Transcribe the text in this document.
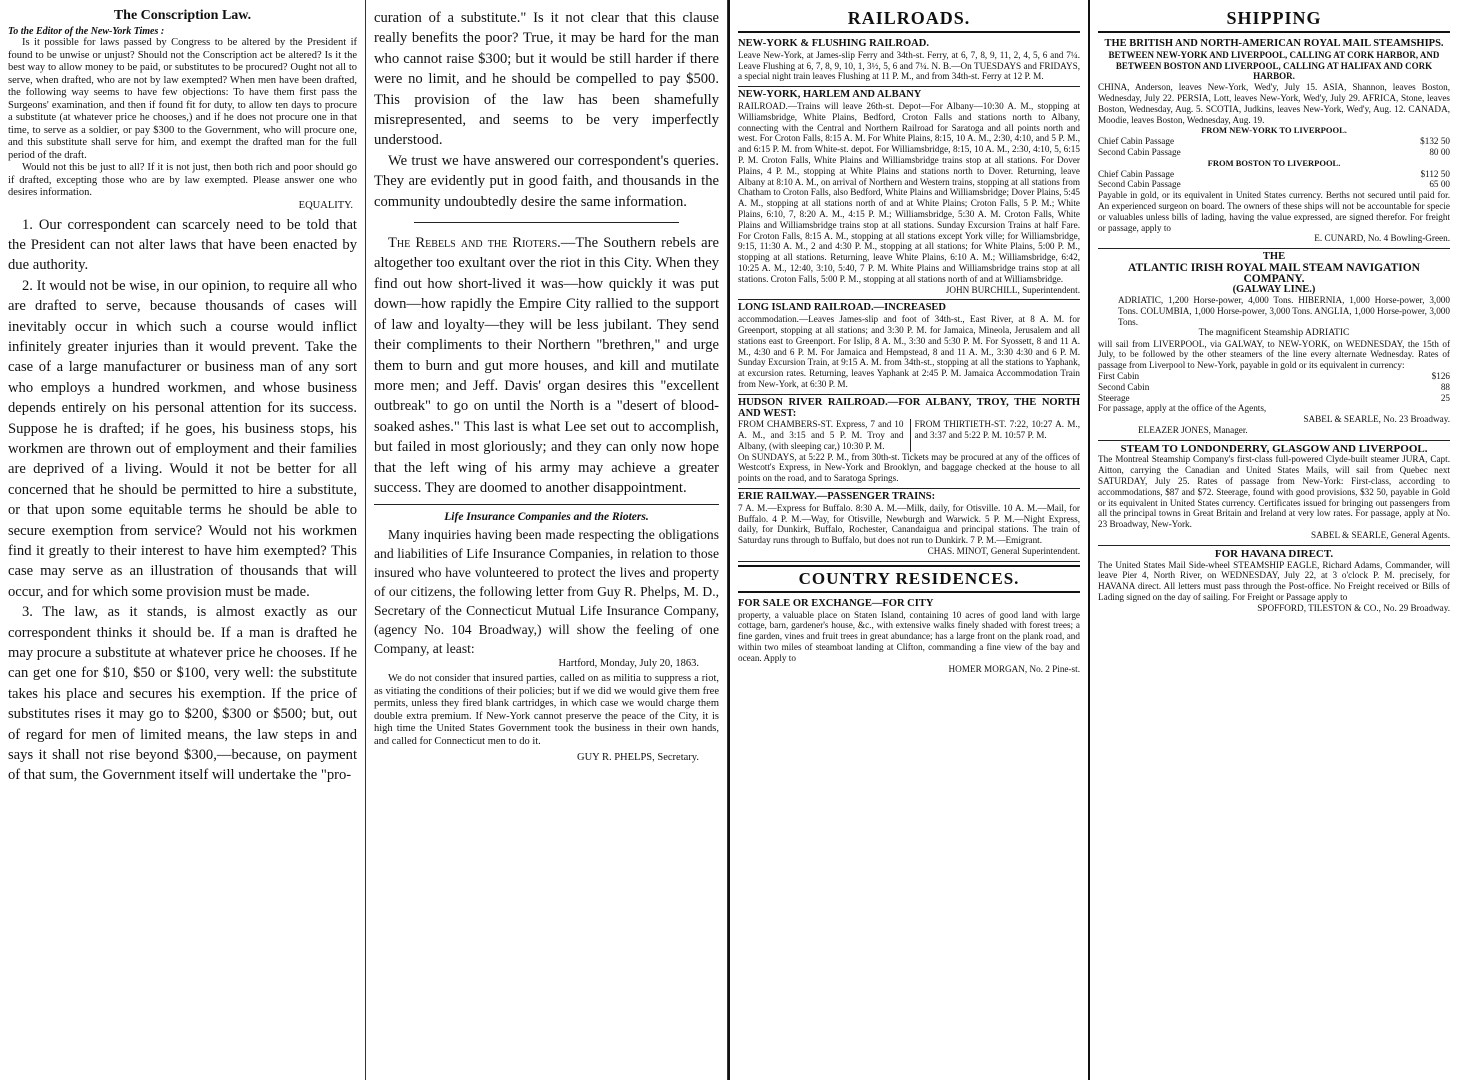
The Conscription Law.

To the Editor of the New-York Times :

Is it possible for laws passed by Congress to be altered by the President if found to be unwise or unjust? Should not the Conscription act be altered? Is it the best way to allow money to be paid, or substitutes to be procured? Ought not all to serve, when drafted, who are not by law exempted? When men have been drafted, the following way seems to have few objections: To have them first pass the Surgeons' examination, and then if found fit for duty, to allow ten days to procure a substitute (at whatever price he chooses,) and if he does not procure one in that time, to serve as a soldier, or pay $300 to the Government, who will procure one, and this substitute shall serve for him, and exempt the drafted man for the full period of the draft.

Would not this be just to all? If it is not just, then both rich and poor should go if drafted, excepting those who are by law exempted. Please answer one who desires information.

EQUALITY.

1. Our correspondent can scarcely need to be told that the President can not alter laws that have been enacted by due authority.

2. It would not be wise, in our opinion, to require all who are drafted to serve, because thousands of cases will inevitably occur in which such a course would inflict infinitely greater injuries than it would prevent. Take the case of a large manufacturer or business man of any sort who employs a hundred workmen, and whose business depends entirely on his personal attention for its success. Suppose he is drafted; if he goes, his business stops, his workmen are thrown out of employment and their families are deprived of a living. Would it not be better for all concerned that he should be permitted to hire a substitute, or that upon some equitable terms he should be able to secure exemption from service? Would not his workmen find it greatly to their interest to have him exempted? This case may serve as an illustration of thousands that will occur, and for which some provision must be made.

3. The law, as it stands, is almost exactly as our correspondent thinks it should be. If a man is drafted he may procure a substitute at whatever price he chooses. If he can get one for $10, $50 or $100, very well: the substitute takes his place and secures his exemption. If the price of substitutes rises it may go to $200, $300 or $500; but, out of regard for men of limited means, the law steps in and says it shall not rise beyond $300,—because, on payment of that sum, the Government itself will undertake the "pro-

curation of a substitute." Is it not clear that this clause really benefits the poor? True, it may be hard for the man who cannot raise $300; but it would be still harder if there were no limit, and he should be compelled to pay $500. This provision of the law has been shamefully misrepresented, and seems to be very imperfectly understood.

We trust we have answered our correspondent's queries. They are evidently put in good faith, and thousands in the community undoubtedly desire the same information.

The Rebels and the Rioters.—The Southern rebels are altogether too exultant over the riot in this City. When they find out how short-lived it was—how quickly it was put down—how rapidly the Empire City rallied to the support of law and loyalty—they will be less jubilant. They send their compliments to their Northern "brethren," and urge them to burn and gut more houses, and kill and mutilate more men; and Jeff. Davis' organ desires this "excellent outbreak" to go on until the North is a "desert of blood-soaked ashes." This last is what Lee set out to accomplish, but failed in most gloriously; and they can only now hope that the left wing of his army may achieve a greater success. They are doomed to another disappointment.

Life Insurance Companies and the Rioters.

Many inquiries having been made respecting the obligations and liabilities of Life Insurance Companies, in relation to those insured who have volunteered to protect the lives and property of our citizens, the following letter from Guy R. Phelps, M. D., Secretary of the Connecticut Mutual Life Insurance Company, (agency No. 104 Broadway,) will show the feeling of one Company, at least:

Hartford, Monday, July 20, 1863.

We do not consider that insured parties, called on as militia to suppress a riot, as vitiating the conditions of their policies; but if we did we would give them free permits, unless they fired blank cartridges, in which case we would charge them double extra premium. If New-York cannot preserve the peace of the City, it is high time the United States Government took the business in their own hands, and called for Connecticut men to do it.

GUY R. PHELPS, Secretary.

RAILROADS.

NEW-YORK & FLUSHING RAILROAD.

Leave New-York, at James-slip Ferry and 34th-st. Ferry, at 6, 7, 8, 9, 11, 2, 4, 5, 6 and 7¼. Leave Flushing at 6, 7, 8, 9, 10, 1, 3½, 5, 6 and 7¼. N. B.—On TUESDAYS and FRIDAYS, a special night train leaves Flushing at 11 P. M., and from 34th-st. Ferry at 12 P. M.

NEW-YORK, HARLEM AND ALBANY

RAILROAD.—Trains will leave 26th-st. Depot—For Albany—10:30 A. M., stopping at Williamsbridge, White Plains, Bedford, Croton Falls and stations north to Albany, connecting with the Central and Northern Railroad for Saratoga and all points north and west. For Croton Falls, 8:15 A. M. For White Plains, 8:15, 10 A. M., 2:30, 4:10, and 5 P. M., and 6:15 P. M. from White-st. depot. For Williamsbridge, 8:15, 10 A. M., 2:30, 4:10, 5, 6:15 P. M. Croton Falls, White Plains and Williamsbridge trains stop at all stations. For Dover Plains, 4 P. M., stopping at White Plains and stations north to Dover. Returning, leave Albany at 8:10 A. M., on arrival of Northern and Western trains, stopping at all stations from Chatham to Croton Falls, also Bedford, White Plains and Williamsbridge; Dover Plains, 5:45 A. M., stopping at all stations north of and at White Plains; Croton Falls, 5 P. M.; White Plains, 6:10, 7, 8:20 A. M., 4:15 P. M.; Williamsbridge, 5:30 A. M. Croton Falls, White Plains and Williamsbridge trains stop at all stations. Sunday Excursion Trains at half Fare. For Croton Falls, 8:15 A. M., stopping at all stations except York ville; for Williamsbridge, 9:15, 11:30 A. M., 2 and 4:30 P. M., stopping at all stations; for White Plains, 5:00 P. M., stopping at all stations. Returning, leave White Plains, 6:10 A. M.; Williamsbridge, 6:42, 10:25 A. M., 12:40, 3:10, 5:40, 7 P. M. White Plains and Williamsbridge trains stop at all stations. Croton Falls, 5:00 P. M., stopping at all stations north of and at Williamsbridge.

JOHN BURCHILL, Superintendent.

LONG ISLAND RAILROAD.—INCREASED

accommodation.—Leaves James-slip and foot of 34th-st., East River, at 8 A. M. for Greenport, stopping at all stations; and 3:30 P. M. for Jamaica, Mineola, Jerusalem and all stations east to Greenport. For Islip, 8 A. M., 3:30 and 5:30 P. M. For Syossett, 8 and 11 A. M., 4:30 and 6 P. M. For Jamaica and Hempstead, 8 and 11 A. M., 3:30 4:30 and 6 P. M. Sunday Excursion Train, at 9:15 A. M. from 34th-st., stopping at all the stations to Yaphank, at excursion rates. Returning, leaves Yaphank at 2:45 P. M. Jamaica Accommodation Train from New-York, at 6:30 P. M.

HUDSON RIVER RAILROAD.—FOR ALBANY, TROY, THE NORTH AND WEST:

FROM CHAMBERS-ST. Express, 7 and 10 A. M., and 3:15 and 5 P. M. Troy and Albany, (with sleeping car,) 10:30 P. M.

FROM THIRTIETH-ST. 7:22, 10:27 A. M., and 3:37 and 5:22 P. M. 10:57 P. M.

On SUNDAYS, at 5:22 P. M., from 30th-st. Tickets may be procured at any of the offices of Westcott's Express, in New-York and Brooklyn, and baggage checked at the house to all points on the road, and to Saratoga Springs.

ERIE RAILWAY.—PASSENGER TRAINS:

7 A. M.—Express for Buffalo. 8:30 A. M.—Milk, daily, for Otisville. 10 A. M.—Mail, for Buffalo. 4 P. M.—Way, for Otisville, Newburgh and Warwick. 5 P. M.—Night Express, daily, for Dunkirk, Buffalo, Rochester, Canandaigua and principal stations. The train of Saturday runs through to Buffalo, but does not run to Dunkirk. 7 P. M.—Emigrant.

CHAS. MINOT, General Superintendent.

COUNTRY RESIDENCES.

FOR SALE OR EXCHANGE—FOR CITY

property, a valuable place on Staten Island, containing 10 acres of good land with large cottage, barn, gardener's house, &c., with extensive walks finely shaded with forest trees; a fine garden, vines and fruit trees in great abundance; has a large front on the plank road, and within two miles of steamboat landing at Clifton, commanding a fine view of the bay and ocean. Apply to

HOMER MORGAN, No. 2 Pine-st.

SHIPPING

THE BRITISH AND NORTH-AMERICAN ROYAL MAIL STEAMSHIPS.

BETWEEN NEW-YORK AND LIVERPOOL, CALLING AT CORK HARBOR, AND BETWEEN BOSTON AND LIVERPOOL, CALLING AT HALIFAX AND CORK HARBOR.

CHINA, Anderson, leaves New-York, Wed'y, July 15. ASIA, Shannon, leaves Boston, Wednesday, July 22. PERSIA, Lott, leaves New-York, Wed'y, July 29. AFRICA, Stone, leaves Boston, Wednesday, Aug. 5. SCOTIA, Judkins, leaves New-York, Wed'y, Aug. 12. CANADA, Moodie, leaves Boston, Wednesday, Aug. 19.

FROM NEW-YORK TO LIVERPOOL.

Chief Cabin Passage	$132 50
Second Cabin Passage	80 00

FROM BOSTON TO LIVERPOOL.

Chief Cabin Passage	$112 50
Second Cabin Passage	65 00

Payable in gold, or its equivalent in United States currency. Berths not secured until paid for. An experienced surgeon on board. The owners of these ships will not be accountable for specie or valuables unless bills of lading, having the value expressed, are signed therefor. For freight or passage, apply to

E. CUNARD, No. 4 Bowling-Green.

THE

ATLANTIC IRISH ROYAL MAIL STEAM NAVIGATION COMPANY.

(GALWAY LINE.)

ADRIATIC, 1,200 Horse-power, 4,000 Tons. HIBERNIA, 1,000 Horse-power, 3,000 Tons. COLUMBIA, 1,000 Horse-power, 3,000 Tons. ANGLIA, 1,000 Horse-power, 3,000 Tons.

The magnificent Steamship ADRIATIC

will sail from LIVERPOOL, via GALWAY, to NEW-YORK, on WEDNESDAY, the 15th of July, to be followed by the other steamers of the line every alternate Wednesday. Rates of passage from Liverpool to New-York, payable in gold or its equivalent in currency:

First Cabin	$126
Second Cabin	88
Steerage	25

For passage, apply at the office of the Agents,

SABEL & SEARLE, No. 23 Broadway.

ELEAZER JONES, Manager.

STEAM TO LONDONDERRY, GLASGOW AND LIVERPOOL.

The Montreal Steamship Company's first-class full-powered Clyde-built steamer JURA, Capt. Aitton, carrying the Canadian and United States Mails, will sail from Quebec next SATURDAY, July 25. Rates of passage from New-York: First-class, according to accommodations, $87 and $72. Steerage, found with good provisions, $32 50, payable in Gold or its equivalent in United States currency. Certificates issued for bringing out passengers from all the principal towns in Great Britain and Ireland at very low rates. For passage, apply at No. 23 Broadway, New-York.

SABEL & SEARLE, General Agents.

FOR HAVANA DIRECT.

The United States Mail Side-wheel STEAMSHIP EAGLE, Richard Adams, Commander, will leave Pier 4, North River, on WEDNESDAY, July 22, at 3 o'clock P. M. precisely, for HAVANA direct. All letters must pass through the Post-office. No Freight received or Bills of Lading signed on the day of sailing. For Freight or Passage apply to

SPOFFORD, TILESTON & CO., No. 29 Broadway.
